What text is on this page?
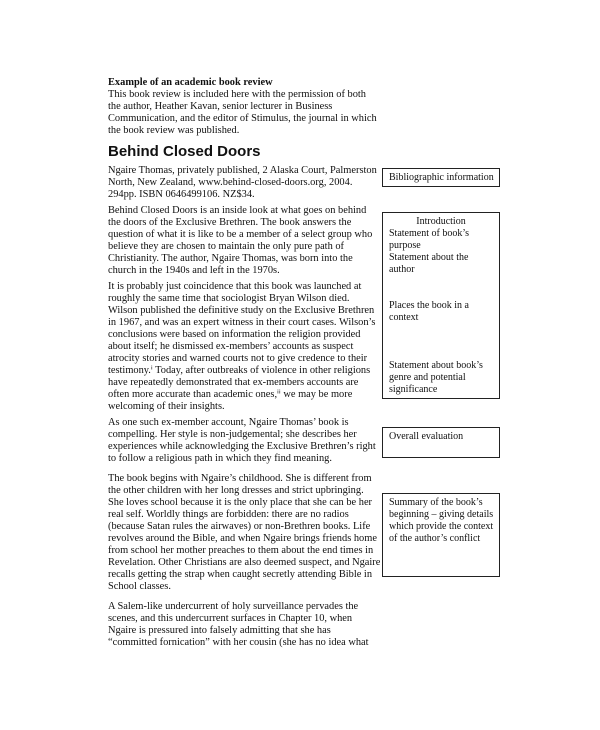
Example of an academic book review
This book review is included here with the permission of both
the author, Heather Kavan, senior lecturer in Business
Communication, and the editor of Stimulus, the journal in which
the book review was published.
Behind Closed Doors
Ngaire Thomas, privately published, 2 Alaska Court, Palmerston
North, New Zealand, www.behind-closed-doors.org, 2004.
294pp. ISBN 0646499106. NZ$34.
Behind Closed Doors is an inside look at what goes on behind
the doors of the Exclusive Brethren. The book answers the
question of what it is like to be a member of a select group who
believe they are chosen to maintain the only pure path of
Christianity. The author, Ngaire Thomas, was born into the
church in the 1940s and left in the 1970s.
It is probably just coincidence that this book was launched at
roughly the same time that sociologist Bryan Wilson died.
Wilson published the definitive study on the Exclusive Brethren
in 1967, and was an expert witness in their court cases. Wilson’s
conclusions were based on information the religion provided
about itself; he dismissed ex-members’ accounts as suspect
atrocity stories and warned courts not to give credence to their
testimony.ⁱ Today, after outbreaks of violence in other religions
have repeatedly demonstrated that ex-members accounts are
often more accurate than academic ones,ⁱⁱ we may be more
welcoming of their insights.
As one such ex-member account, Ngaire Thomas’ book is
compelling. Her style is non-judgemental; she describes her
experiences while acknowledging the Exclusive Brethren’s right
to follow a religious path in which they find meaning.
The book begins with Ngaire’s childhood. She is different from
the other children with her long dresses and strict upbringing.
She loves school because it is the only place that she can be her
real self. Worldly things are forbidden: there are no radios
(because Satan rules the airwaves) or non-Brethren books. Life
revolves around the Bible, and when Ngaire brings friends home
from school her mother preaches to them about the end times in
Revelation. Other Christians are also deemed suspect, and Ngaire
recalls getting the strap when caught secretly attending Bible in
School classes.
A Salem-like undercurrent of holy surveillance pervades the
scenes, and this undercurrent surfaces in Chapter 10, when
Ngaire is pressured into falsely admitting that she has
“committed fornication” with her cousin (she has no idea what
Bibliographic information
Introduction
Statement of book’s
purpose
Statement about the
author
Places the book in a
context
Statement about book’s
genre and potential
significance
Overall evaluation
Summary of the book’s
beginning – giving details
which provide the context
of the author’s conflict
